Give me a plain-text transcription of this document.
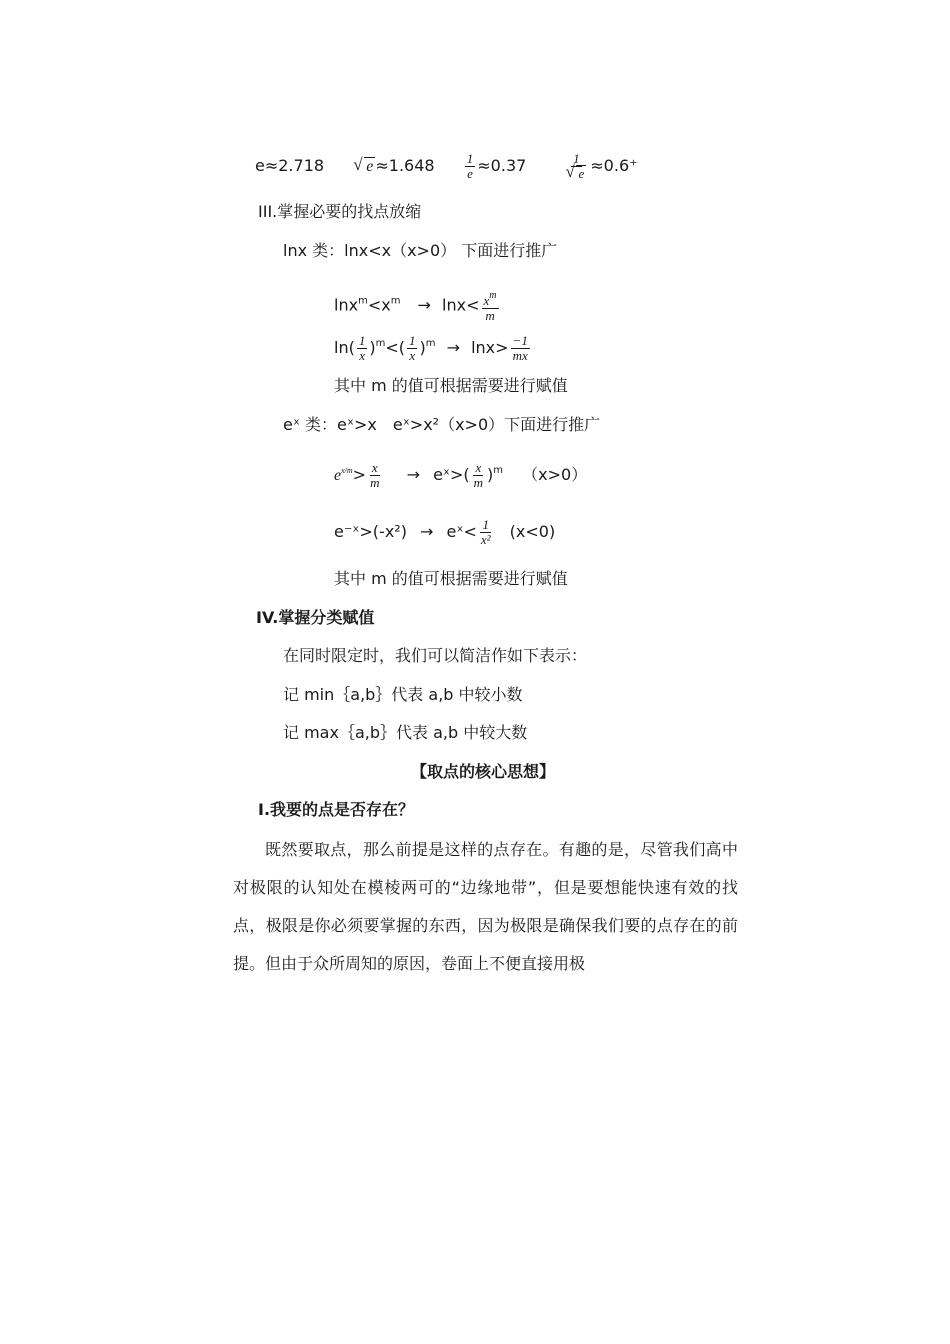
e≈2.718  √	$e \approx 1.648 \frac{1}{e} \approx 0.37$	1
√ e ≈0.6⁺
III.掌握必要的找点放缩
lnx 类：lnx<x（x>0） 下面进行推广
$\ln x^m<x^m \to \ln x< \frac{x^m}{m}$
$\ln( \frac{1}{x} )^m<( \frac{1}{x} )^m \to \ln x> \frac{-1}{mx}$
其中 m 的值可根据需要进行赋值
eˣ 类：eˣ>x　eˣ>x²（x>0）下面进行推广
$e^{x/m}> \frac{x}{m}$ → eˣ>( $\frac{x}{m} )^m$ （x>0）
e⁻ˣ>(-x²) → eˣ< $\frac{1}{\text{x²}} (x<0)$
其中 m 的值可根据需要进行赋值
IV.掌握分类赋值
在同时限定时，我们可以简洁作如下表示：
记 min｛a,b｝代表 a,b 中较小数
记 max｛a,b｝代表 a,b 中较大数
【取点的核心思想】
Ⅰ.我要的点是否存在？
既然要取点，那么前提是这样的点存在。有趣的是，尽管我们高中对极限的认知处在模棱两可的“边缘地带”，但是要想能快速有效的找点，极限是你必须要掌握的东西，因为极限是确保我们要的点存在的前提。但由于众所周知的原因，卷面上不便直接用极
